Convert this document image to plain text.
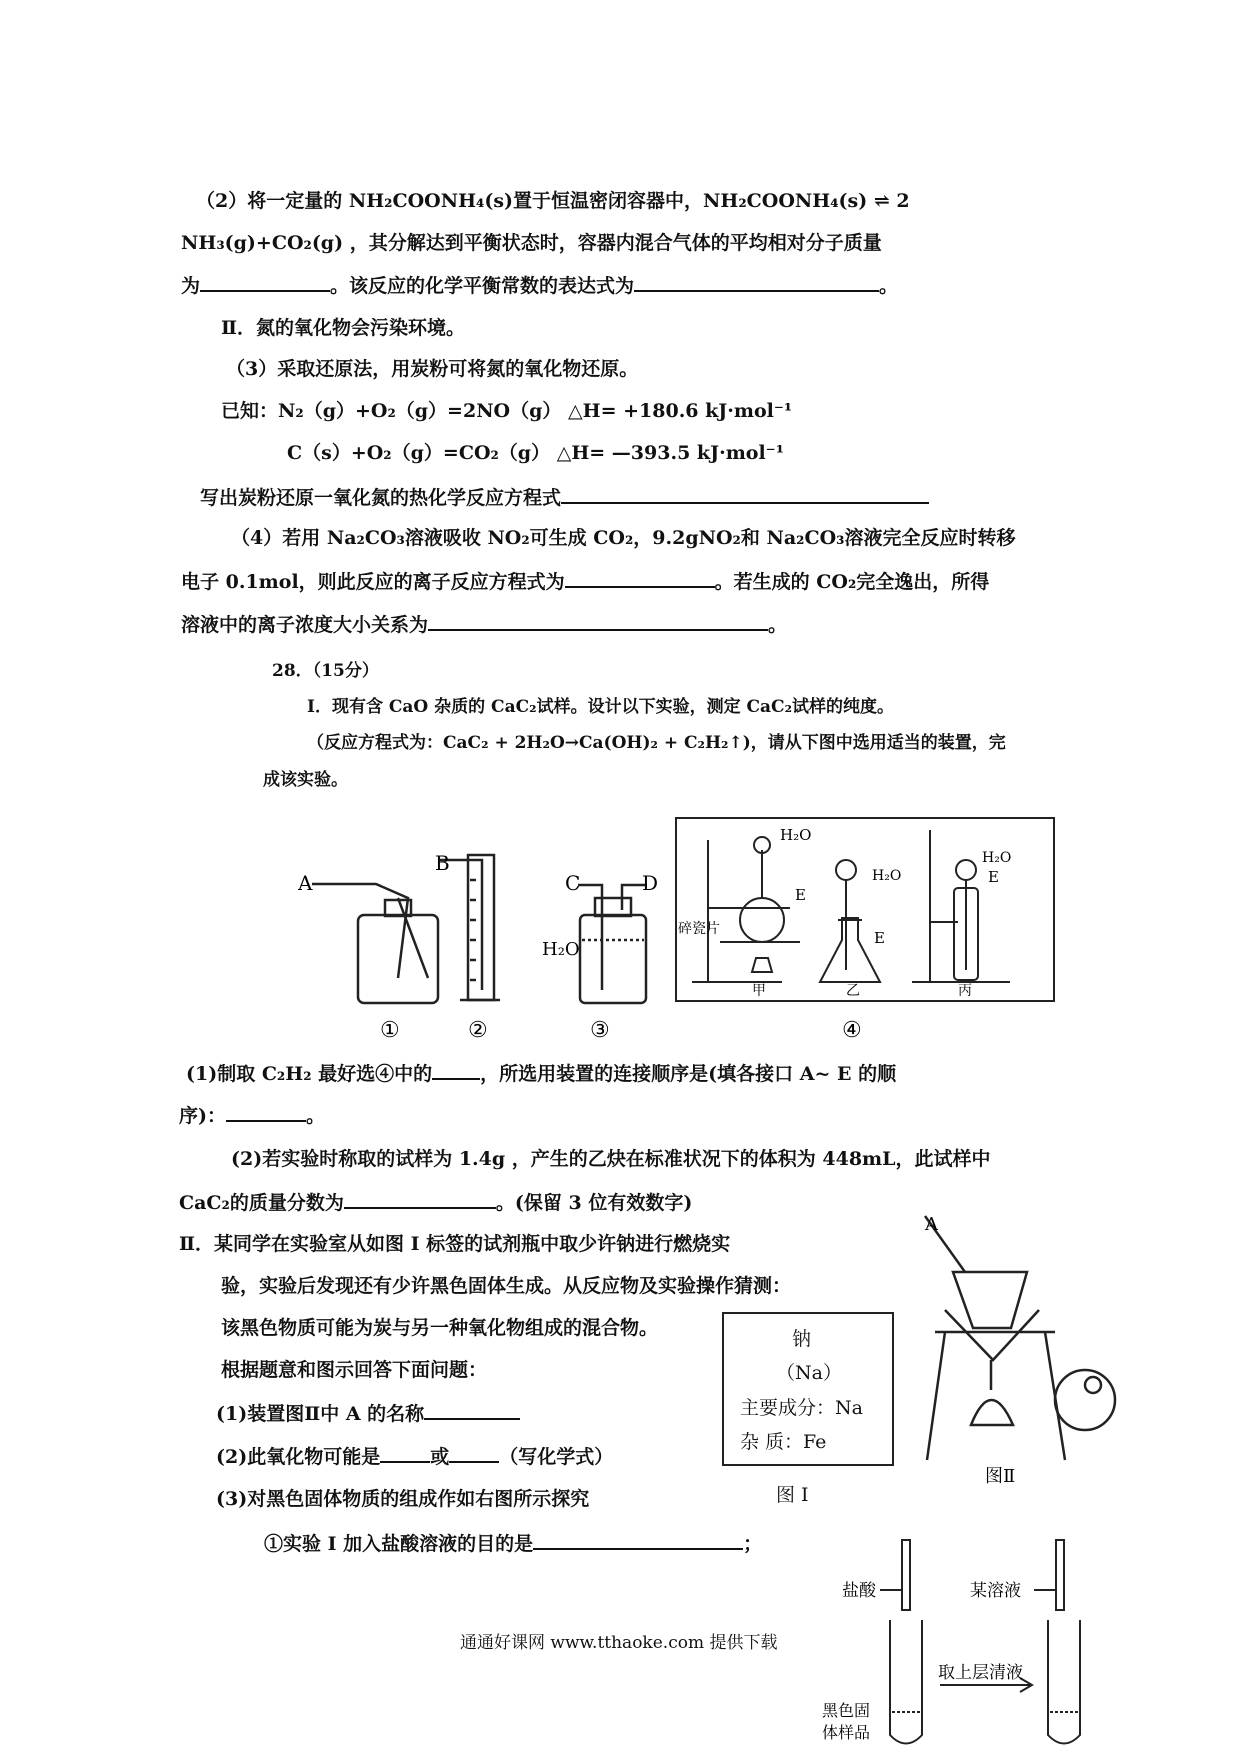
（2）将一定量的 NH₂COONH₄(s)置于恒温密闭容器中，NH₂COONH₄(s) ⇌ 2
NH₃(g)+CO₂(g) ，其分解达到平衡状态时，容器内混合气体的平均相对分子质量
为	。该反应的化学平衡常数的表达式为	。
Ⅱ．氮的氧化物会污染环境。
（3）采取还原法，用炭粉可将氮的氧化物还原。
已知：N₂（g）+O₂（g）=2NO（g） △H= +180.6 kJ·mol⁻¹
C（s）+O₂（g）=CO₂（g） △H= —393.5 kJ·mol⁻¹
写出炭粉还原一氧化氮的热化学反应方程式
（4）若用 Na₂CO₃溶液吸收 NO₂可生成 CO₂，9.2gNO₂和 Na₂CO₃溶液完全反应时转移
电子 0.1mol，则此反应的离子反应方程式为	。若生成的 CO₂完全逸出，所得
溶液中的离子浓度大小关系为	。
28．（15分）
Ⅰ．现有含 CaO 杂质的 CaC₂试样。设计以下实验，测定 CaC₂试样的纯度。
（反应方程式为：CaC₂ + 2H₂O→Ca(OH)₂ + C₂H₂↑)，请从下图中选用适当的装置，完
成该实验。
A
B
C	D
H₂O
H₂O
E
碎瓷片
甲
H₂O
E
乙
H₂O
E
丙
①	②	③	④
(1)制取 C₂H₂ 最好选④中的	，所选用装置的连接顺序是(填各接口 A~ E 的顺
序)：	。
(2)若实验时称取的试样为 1.4g ，产生的乙炔在标准状况下的体积为 448mL，此试样中
CaC₂的质量分数为	。(保留 3 位有效数字)
Ⅱ．某同学在实验室从如图 I 标签的试剂瓶中取少许钠进行燃烧实
验，实验后发现还有少许黑色固体生成。从反应物及实验操作猜测：
该黑色物质可能为炭与另一种氧化物组成的混合物。
根据题意和图示回答下面问题：
(1)装置图Ⅱ中 A 的名称
(2)此氧化物可能是	或	（写化学式）
(3)对黑色固体物质的组成作如右图所示探究
①实验 I 加入盐酸溶液的目的是	；
钠
（Na）
主要成分：Na
杂 质：Fe
图 I
A
图Ⅱ
盐酸	某溶液
取上层清液
黑色固
体样品
通通好课网 www.tthaoke.com 提供下载
